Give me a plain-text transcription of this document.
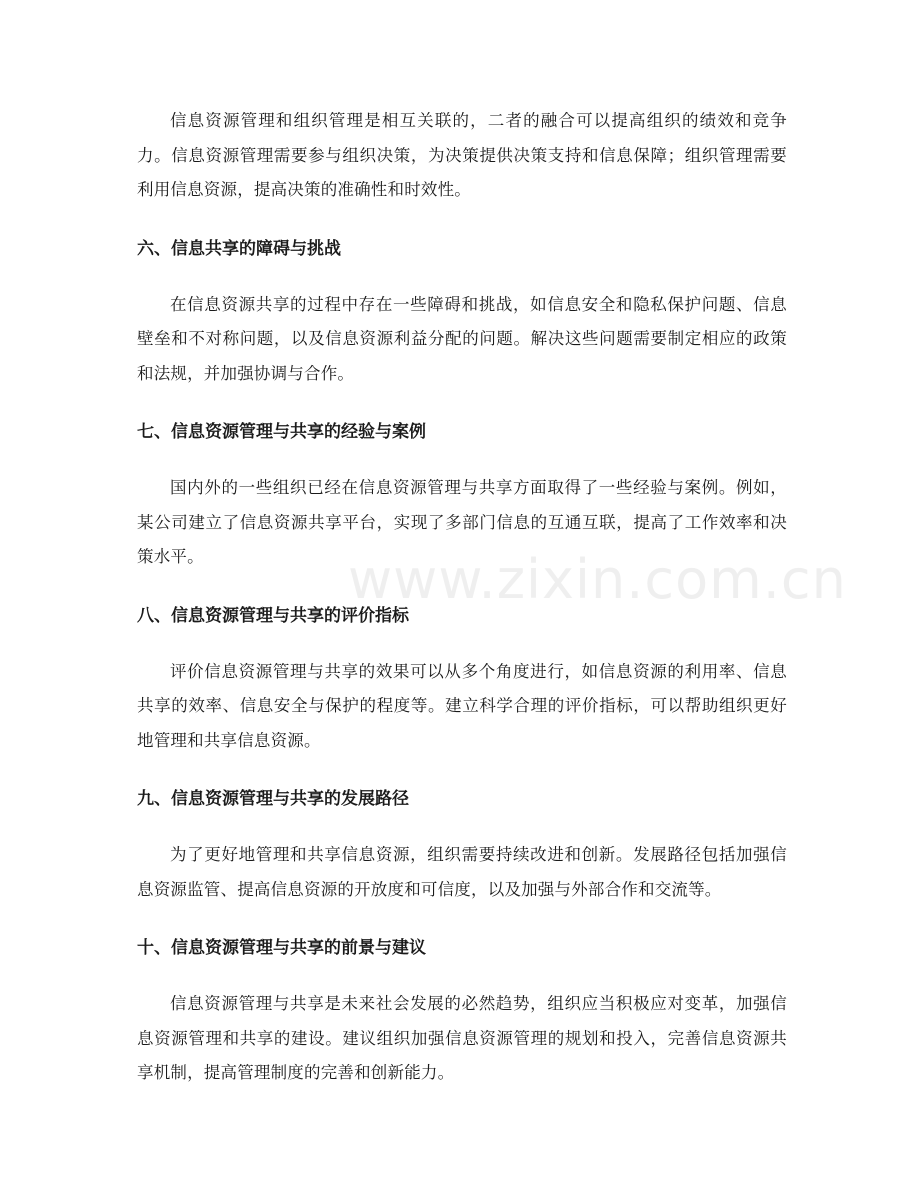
www.zixin.com.cn

信息资源管理和组织管理是相互关联的，二者的融合可以提高组织的绩效和竞争力。信息资源管理需要参与组织决策，为决策提供决策支持和信息保障；组织管理需要利用信息资源，提高决策的准确性和时效性。

六、信息共享的障碍与挑战

在信息资源共享的过程中存在一些障碍和挑战，如信息安全和隐私保护问题、信息壁垒和不对称问题，以及信息资源利益分配的问题。解决这些问题需要制定相应的政策和法规，并加强协调与合作。

七、信息资源管理与共享的经验与案例

国内外的一些组织已经在信息资源管理与共享方面取得了一些经验与案例。例如，某公司建立了信息资源共享平台，实现了多部门信息的互通互联，提高了工作效率和决策水平。

八、信息资源管理与共享的评价指标

评价信息资源管理与共享的效果可以从多个角度进行，如信息资源的利用率、信息共享的效率、信息安全与保护的程度等。建立科学合理的评价指标，可以帮助组织更好地管理和共享信息资源。

九、信息资源管理与共享的发展路径

为了更好地管理和共享信息资源，组织需要持续改进和创新。发展路径包括加强信息资源监管、提高信息资源的开放度和可信度，以及加强与外部合作和交流等。

十、信息资源管理与共享的前景与建议

信息资源管理与共享是未来社会发展的必然趋势，组织应当积极应对变革，加强信息资源管理和共享的建设。建议组织加强信息资源管理的规划和投入，完善信息资源共享机制，提高管理制度的完善和创新能力。
